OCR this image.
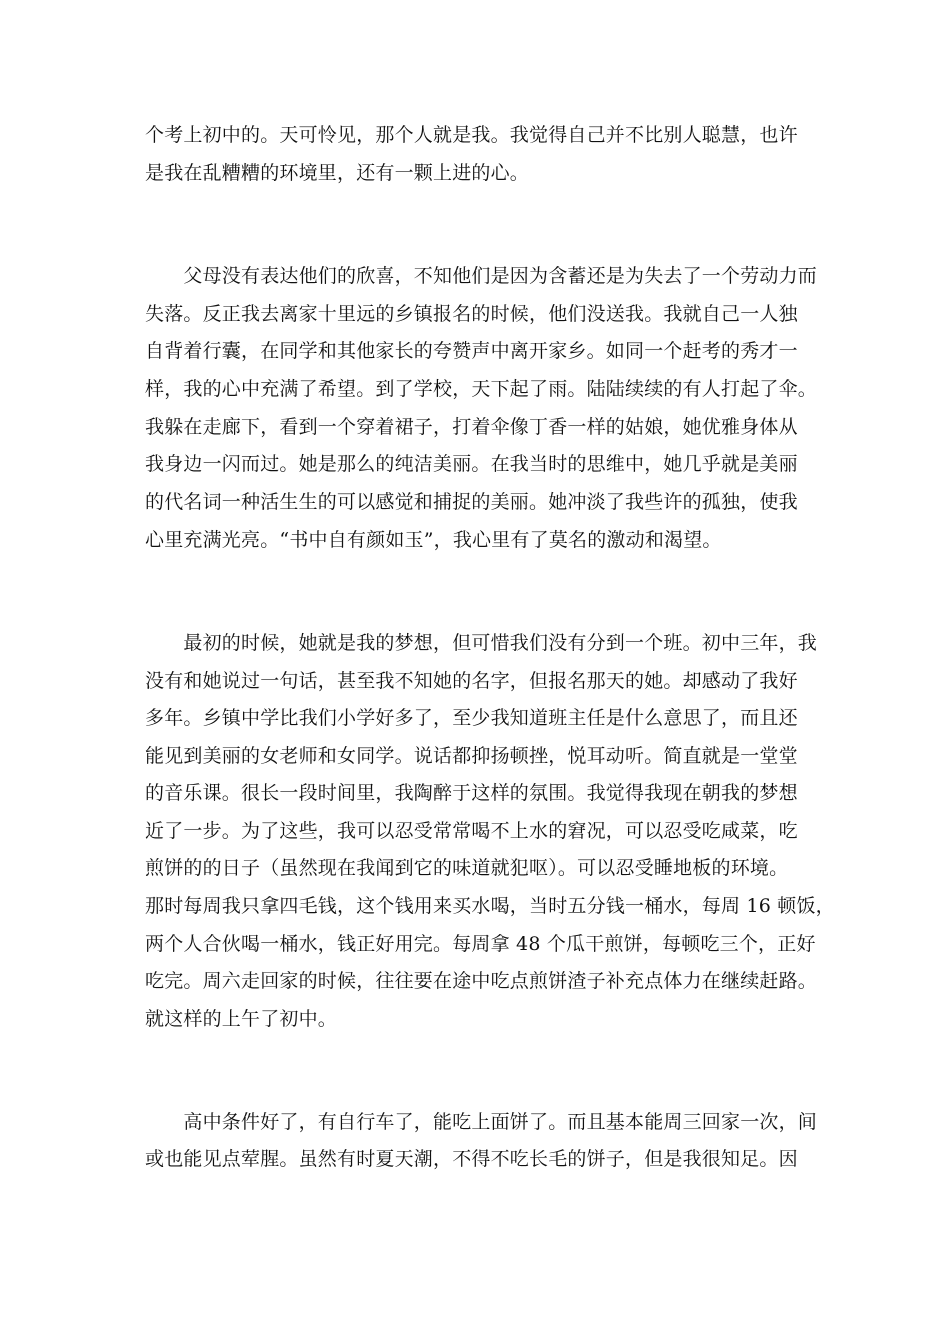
个考上初中的。天可怜见，那个人就是我。我觉得自己并不比别人聪慧，也许
是我在乱糟糟的环境里，还有一颗上进的心。
　　父母没有表达他们的欣喜，不知他们是因为含蓄还是为失去了一个劳动力而
失落。反正我去离家十里远的乡镇报名的时候，他们没送我。我就自己一人独
自背着行囊，在同学和其他家长的夸赞声中离开家乡。如同一个赶考的秀才一
样，我的心中充满了希望。到了学校，天下起了雨。陆陆续续的有人打起了伞。
我躲在走廊下，看到一个穿着裙子，打着伞像丁香一样的姑娘，她优雅身体从
我身边一闪而过。她是那么的纯洁美丽。在我当时的思维中，她几乎就是美丽
的代名词一种活生生的可以感觉和捕捉的美丽。她冲淡了我些许的孤独，使我
心里充满光亮。“书中自有颜如玉”，我心里有了莫名的激动和渴望。
　　最初的时候，她就是我的梦想，但可惜我们没有分到一个班。初中三年，我
没有和她说过一句话，甚至我不知她的名字，但报名那天的她。却感动了我好
多年。乡镇中学比我们小学好多了，至少我知道班主任是什么意思了，而且还
能见到美丽的女老师和女同学。说话都抑扬顿挫，悦耳动听。简直就是一堂堂
的音乐课。很长一段时间里，我陶醉于这样的氛围。我觉得我现在朝我的梦想
近了一步。为了这些，我可以忍受常常喝不上水的窘况，可以忍受吃咸菜，吃
煎饼的的日子（虽然现在我闻到它的味道就犯呕）。可以忍受睡地板的环境。
那时每周我只拿四毛钱，这个钱用来买水喝，当时五分钱一桶水，每周 16 顿饭，
两个人合伙喝一桶水，钱正好用完。每周拿 48 个瓜干煎饼，每顿吃三个，正好
吃完。周六走回家的时候，往往要在途中吃点煎饼渣子补充点体力在继续赶路。
就这样的上午了初中。
　　高中条件好了，有自行车了，能吃上面饼了。而且基本能周三回家一次，间
或也能见点荤腥。虽然有时夏天潮，不得不吃长毛的饼子，但是我很知足。因
